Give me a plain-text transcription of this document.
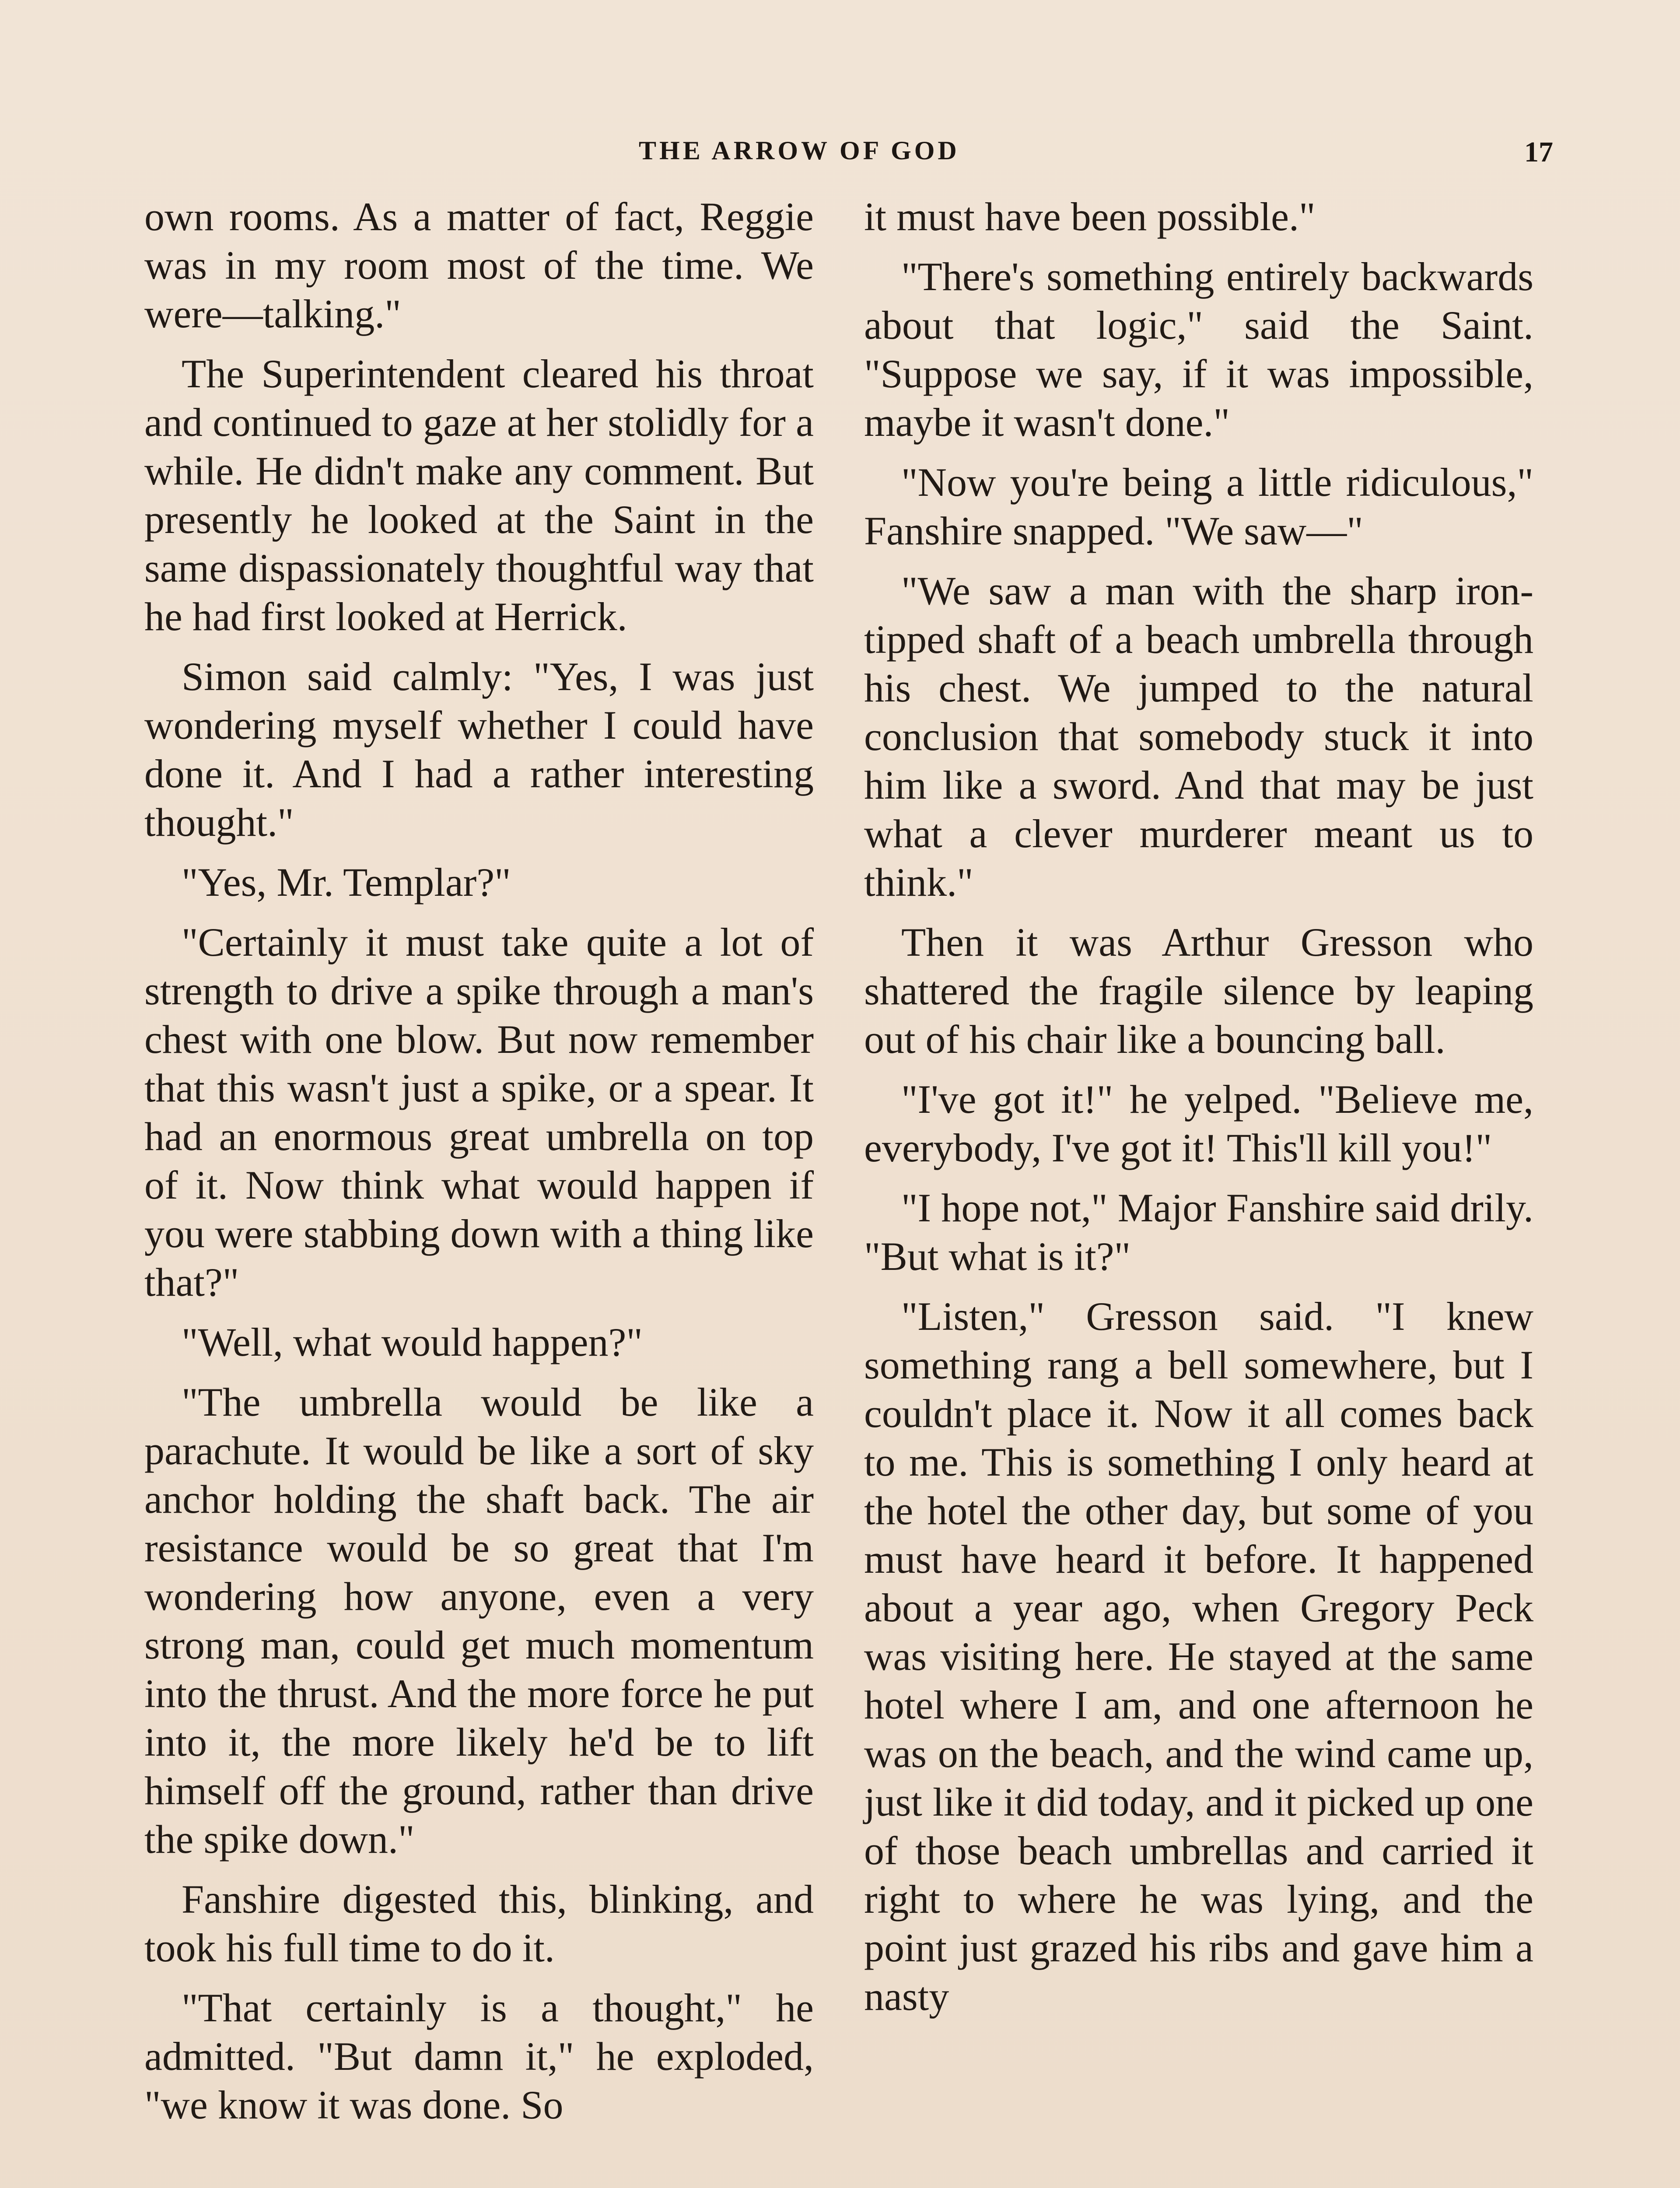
THE ARROW OF GOD	17

own rooms. As a matter of fact, Reggie was in my room most of the time. We were—talking."

The Superintendent cleared his throat and continued to gaze at her stolidly for a while. He didn't make any comment. But presently he looked at the Saint in the same dispassionately thoughtful way that he had first looked at Herrick.

Simon said calmly: "Yes, I was just wondering myself whether I could have done it. And I had a rather interesting thought."

"Yes, Mr. Templar?"

"Certainly it must take quite a lot of strength to drive a spike through a man's chest with one blow. But now remember that this wasn't just a spike, or a spear. It had an enormous great umbrella on top of it. Now think what would happen if you were stabbing down with a thing like that?"

"Well, what would happen?"

"The umbrella would be like a parachute. It would be like a sort of sky anchor holding the shaft back. The air resistance would be so great that I'm wondering how anyone, even a very strong man, could get much momentum into the thrust. And the more force he put into it, the more likely he'd be to lift himself off the ground, rather than drive the spike down."

Fanshire digested this, blinking, and took his full time to do it.

"That certainly is a thought," he admitted. "But damn it," he exploded, "we know it was done. So

it must have been possible."

"There's something entirely backwards about that logic," said the Saint. "Suppose we say, if it was impossible, maybe it wasn't done."

"Now you're being a little ridiculous," Fanshire snapped. "We saw—"

"We saw a man with the sharp iron-tipped shaft of a beach umbrella through his chest. We jumped to the natural conclusion that somebody stuck it into him like a sword. And that may be just what a clever murderer meant us to think."

Then it was Arthur Gresson who shattered the fragile silence by leaping out of his chair like a bouncing ball.

"I've got it!" he yelped. "Believe me, everybody, I've got it! This'll kill you!"

"I hope not," Major Fanshire said drily. "But what is it?"

"Listen," Gresson said. "I knew something rang a bell somewhere, but I couldn't place it. Now it all comes back to me. This is something I only heard at the hotel the other day, but some of you must have heard it before. It happened about a year ago, when Gregory Peck was visiting here. He stayed at the same hotel where I am, and one afternoon he was on the beach, and the wind came up, just like it did today, and it picked up one of those beach umbrellas and carried it right to where he was lying, and the point just grazed his ribs and gave him a nasty
